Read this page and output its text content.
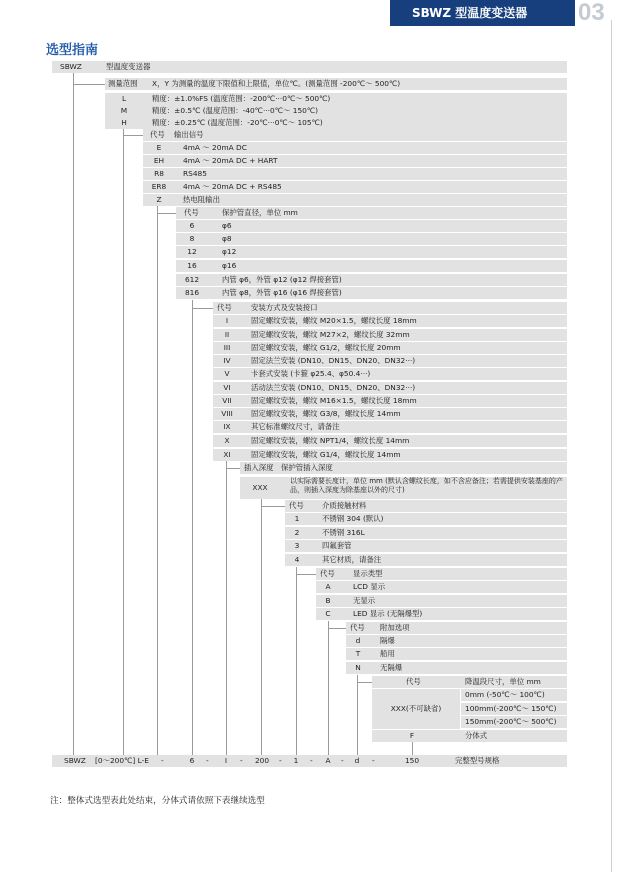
SBWZ 型温度变送器	03
选型指南
SBWZ	型温度变送器
测量范围 X，Y 为测量的温度下限值和上限值，单位℃。(测量范围 -200℃～ 500℃)
L	精度：±1.0%FS (温度范围：-200℃···0℃～ 500℃)
M	精度：±0.5℃ (温度范围：-40℃···0℃～ 150℃)
H	精度：±0.25℃ (温度范围：-20℃···0℃～ 105℃)
代号 输出信号
E	4mA ～ 20mA DC
EH	4mA ～ 20mA DC + HART
R8	RS485
ER8	4mA ～ 20mA DC + RS485
Z	热电阻输出
代号	保护管直径，单位 mm
6	φ6
8	φ8
12	φ12
16	φ16
612	内管 φ6，外管 φ12 (φ12 焊接套管)
816	内管 φ8，外管 φ16 (φ16 焊接套管)
代号	安装方式及安装接口
I	固定螺纹安装，螺纹 M20×1.5，螺纹长度 18mm
II	固定螺纹安装，螺纹 M27×2，螺纹长度 32mm
III	固定螺纹安装，螺纹 G1/2，螺纹长度 20mm
IV	固定法兰安装 (DN10、DN15、DN20、DN32···)
V	卡套式安装 (卡箍 φ25.4、φ50.4···)
VI	活动法兰安装 (DN10、DN15、DN20、DN32···)
VII	固定螺纹安装，螺纹 M16×1.5，螺纹长度 18mm
VIII	固定螺纹安装，螺纹 G3/8，螺纹长度 14mm
IX	其它标准螺纹尺寸，请备注
X	固定螺纹安装，螺纹 NPT1/4，螺纹长度 14mm
XI	固定螺纹安装，螺纹 G1/4，螺纹长度 14mm
插入深度 保护管插入深度
XXX
以实际需要长度计，单位 mm (默认含螺纹长度，如不含应备注；若需提供安装基座的产品，则插入深度为除基座以外的尺寸)
代号 介质接触材料
1	不锈钢 304 (默认)
2	不锈钢 316L
3	四氟套管
4	其它材质，请备注
代号 显示类型
A	LCD 显示
B	无显示
C	LED 显示 (无隔爆型)
代号 附加选项
d	隔爆
T	船用
N	无隔爆
代号	降温段尺寸，单位 mm
XXX(不可缺省)
0mm (-50℃～ 100℃)
100mm(-200℃～ 150℃)
150mm(-200℃～ 500℃)
F	分体式
SBWZ [0～200℃] L-E -	6	-	I	-	200	-	1	-	A	-	d	-	150	完整型号规格
注：整体式选型表此处结束，分体式请依照下表继续选型
